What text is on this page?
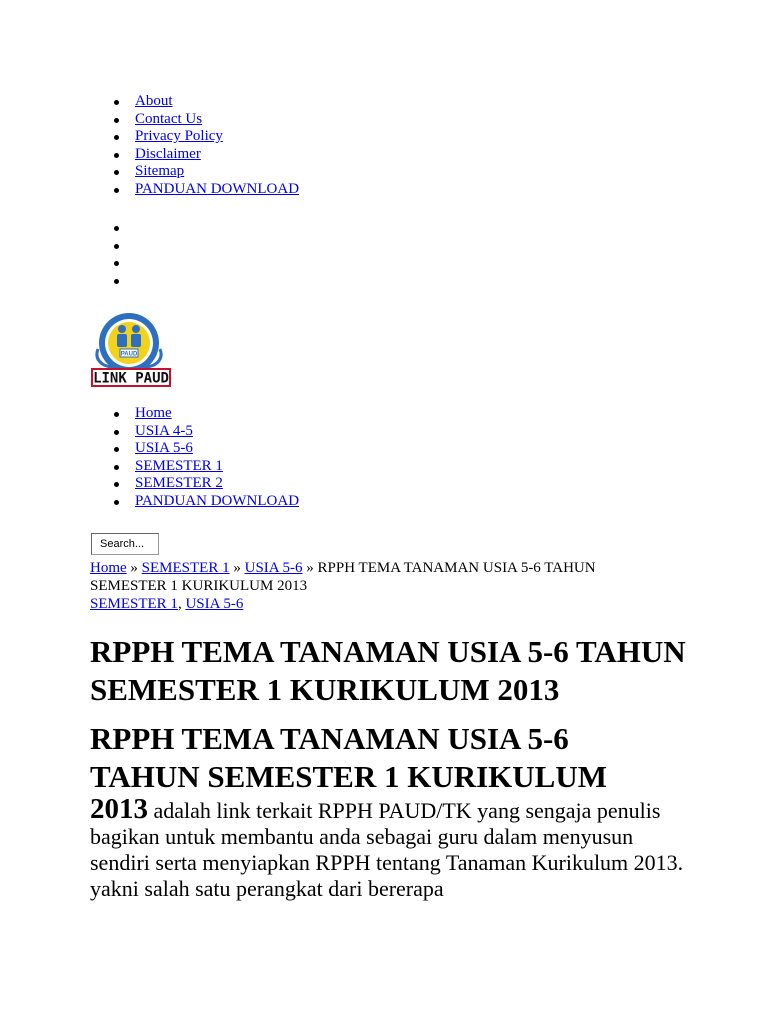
About
Contact Us
Privacy Policy
Disclaimer
Sitemap
PANDUAN DOWNLOAD
PAUD
LINK PAUD
Home
USIA 4-5
USIA 5-6
SEMESTER 1
SEMESTER 2
PANDUAN DOWNLOAD
Search...
Home » SEMESTER 1 » USIA 5-6 » RPPH TEMA TANAMAN USIA 5-6 TAHUN SEMESTER 1 KURIKULUM 2013
SEMESTER 1, USIA 5-6
RPPH TEMA TANAMAN USIA 5-6 TAHUN SEMESTER 1 KURIKULUM 2013
RPPH TEMA TANAMAN USIA 5-6 TAHUN SEMESTER 1 KURIKULUM

2013 adalah link terkait RPPH PAUD/TK yang sengaja penulis bagikan untuk membantu anda sebagai guru dalam menyusun sendiri serta menyiapkan RPPH tentang Tanaman Kurikulum 2013. yakni salah satu perangkat dari bererapa
